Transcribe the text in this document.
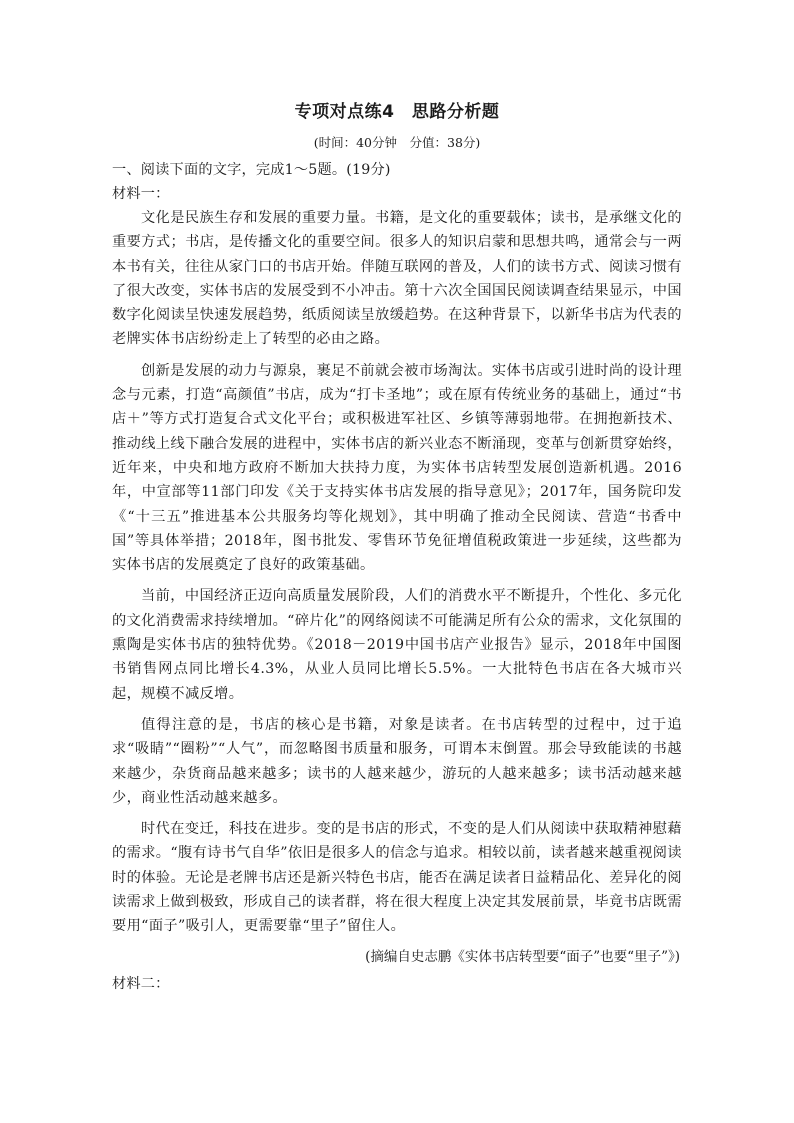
专项对点练4　思路分析题
(时间：40分钟　分值：38分)
一、阅读下面的文字，完成1～5题。(19分)
材料一：

文化是民族生存和发展的重要力量。书籍，是文化的重要载体；读书，是承继文化的重要方式；书店，是传播文化的重要空间。很多人的知识启蒙和思想共鸣，通常会与一两本书有关，往往从家门口的书店开始。伴随互联网的普及，人们的读书方式、阅读习惯有了很大改变，实体书店的发展受到不小冲击。第十六次全国国民阅读调查结果显示，中国数字化阅读呈快速发展趋势，纸质阅读呈放缓趋势。在这种背景下，以新华书店为代表的老牌实体书店纷纷走上了转型的必由之路。

创新是发展的动力与源泉，裹足不前就会被市场淘汰。实体书店或引进时尚的设计理念与元素，打造“高颜值”书店，成为“打卡圣地”；或在原有传统业务的基础上，通过“书店＋”等方式打造复合式文化平台；或积极进军社区、乡镇等薄弱地带。在拥抱新技术、推动线上线下融合发展的进程中，实体书店的新兴业态不断涌现，变革与创新贯穿始终，近年来，中央和地方政府不断加大扶持力度，为实体书店转型发展创造新机遇。2016年，中宣部等11部门印发《关于支持实体书店发展的指导意见》；2017年，国务院印发《“十三五”推进基本公共服务均等化规划》，其中明确了推动全民阅读、营造“书香中国”等具体举措；2018年，图书批发、零售环节免征增值税政策进一步延续，这些都为实体书店的发展奠定了良好的政策基础。

当前，中国经济正迈向高质量发展阶段，人们的消费水平不断提升，个性化、多元化的文化消费需求持续增加。“碎片化”的网络阅读不可能满足所有公众的需求，文化氛围的熏陶是实体书店的独特优势。《2018－2019中国书店产业报告》显示，2018年中国图书销售网点同比增长4.3%，从业人员同比增长5.5%。一大批特色书店在各大城市兴起，规模不减反增。

值得注意的是，书店的核心是书籍，对象是读者。在书店转型的过程中，过于追求“吸睛”“圈粉”“人气”，而忽略图书质量和服务，可谓本末倒置。那会导致能读的书越来越少，杂货商品越来越多；读书的人越来越少，游玩的人越来越多；读书活动越来越少，商业性活动越来越多。

时代在变迁，科技在进步。变的是书店的形式，不变的是人们从阅读中获取精神慰藉的需求。“腹有诗书气自华”依旧是很多人的信念与追求。相较以前，读者越来越重视阅读时的体验。无论是老牌书店还是新兴特色书店，能否在满足读者日益精品化、差异化的阅读需求上做到极致，形成自己的读者群，将在很大程度上决定其发展前景，毕竟书店既需要用“面子”吸引人，更需要靠“里子”留住人。

(摘编自史志鹏《实体书店转型要“面子”也要“里子”》)
材料二：
